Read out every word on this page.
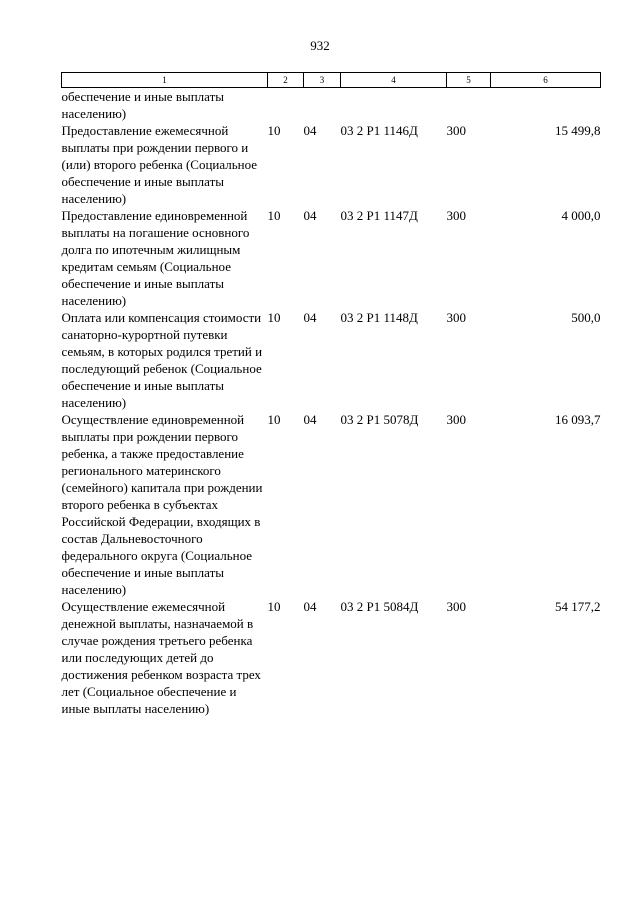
932
1	2	3	4	5	6
обеспечение и иные выплаты населению)					
Предоставление ежемесячной выплаты при рождении первого и (или) второго ребенка (Социальное обеспечение и иные выплаты населению)	10	04	03 2 Р1 1146Д	300	15 499,8
Предоставление единовременной выплаты на погашение основного долга по ипотечным жилищным кредитам семьям (Социальное обеспечение и иные выплаты населению)	10	04	03 2 Р1 1147Д	300	4 000,0
Оплата или компенсация стоимости санаторно-курортной путевки семьям, в которых родился третий и последующий ребенок (Социальное обеспечение и иные выплаты населению)	10	04	03 2 Р1 1148Д	300	500,0
Осуществление единовременной выплаты при рождении первого ребенка, а также предоставление регионального материнского (семейного) капитала при рождении второго ребенка в субъектах Российской Федерации, входящих в состав Дальневосточного федерального округа (Социальное обеспечение и иные выплаты населению)	10	04	03 2 Р1 5078Д	300	16 093,7
Осуществление ежемесячной денежной выплаты, назначаемой в случае рождения третьего ребенка или последующих детей до достижения ребенком возраста трех лет (Социальное обеспечение и иные выплаты населению)	10	04	03 2 Р1 5084Д	300	54 177,2
